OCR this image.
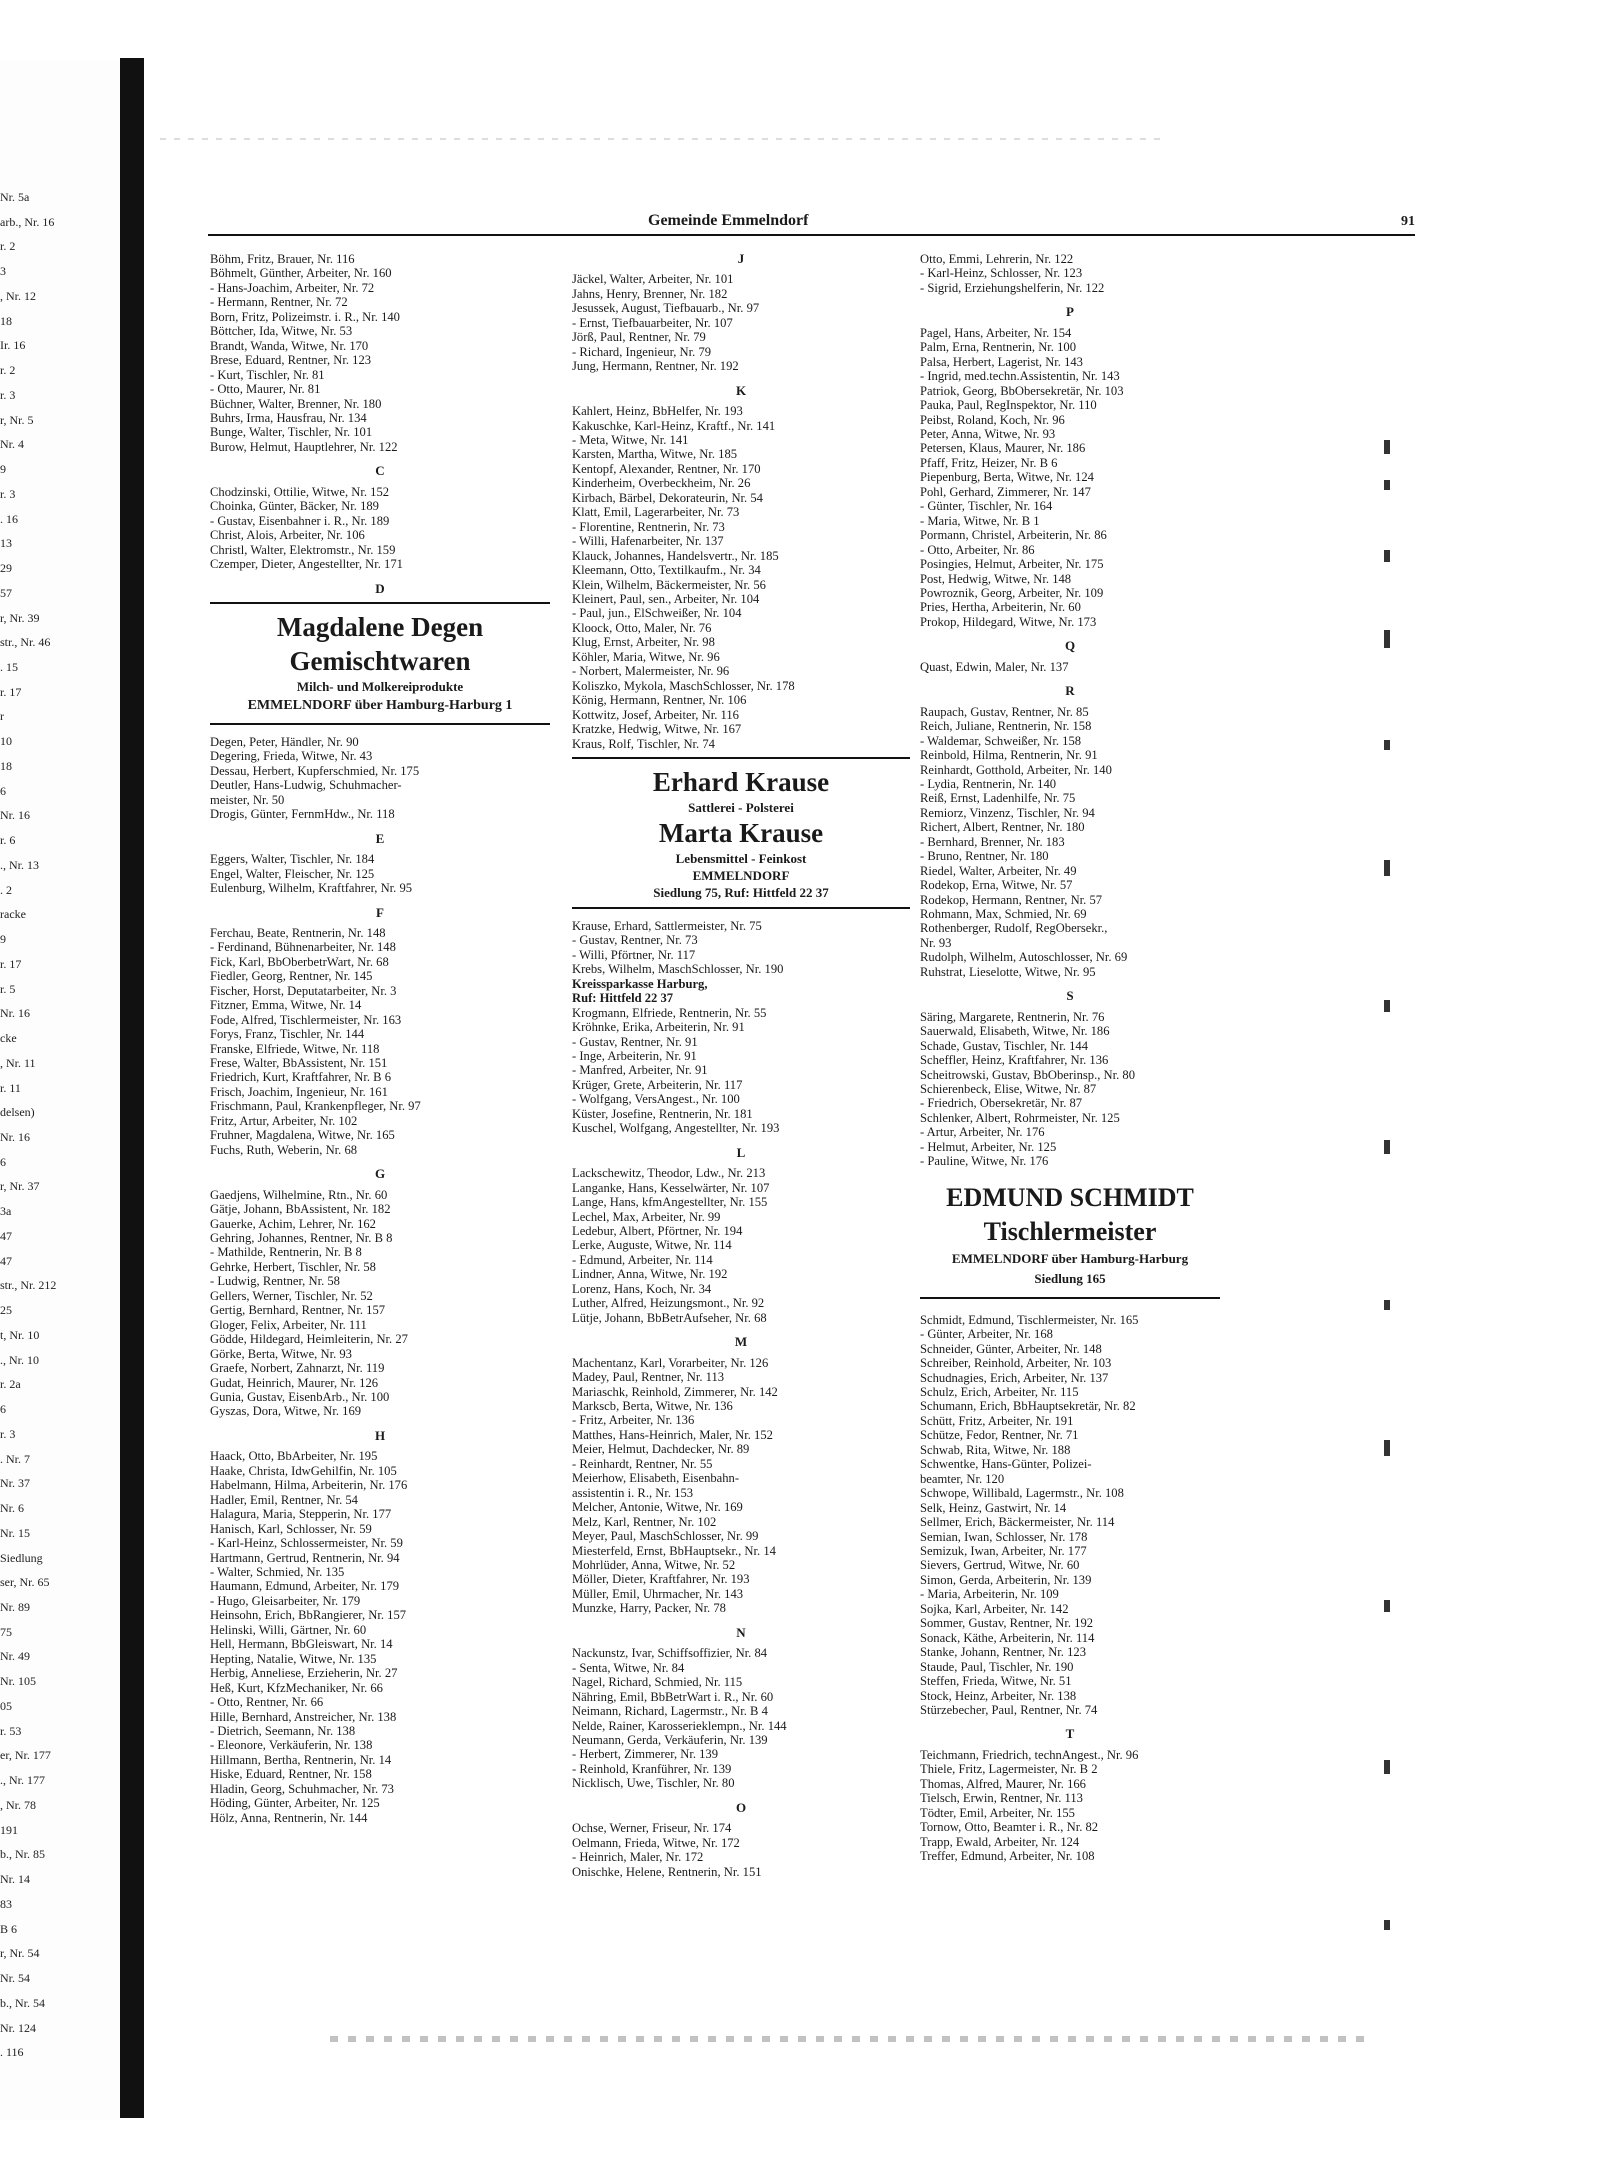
Nr. 5a
arb., Nr. 16
r. 2
3
, Nr. 12
18
Ir. 16
r. 2
r. 3
r, Nr. 5
Nr. 4
9
r. 3
. 16
13
29
57
r, Nr. 39
str., Nr. 46
. 15
r. 17
r
10
18
6
Nr. 16
r. 6
., Nr. 13
. 2
racke
9
r. 17
r. 5
Nr. 16
cke
, Nr. 11
r. 11
delsen)
Nr. 16
6
r, Nr. 37
3a
47
47
str., Nr. 212
25
t, Nr. 10
., Nr. 10
r. 2a
6
r. 3
. Nr. 7
Nr. 37
Nr. 6
Nr. 15
Siedlung
ser, Nr. 65
Nr. 89
75
Nr. 49
Nr. 105
05
r. 53
er, Nr. 177
., Nr. 177
, Nr. 78
191
b., Nr. 85
Nr. 14
83
B 6
r, Nr. 54
Nr. 54
b., Nr. 54
Nr. 124
. 116
Gemeinde Emmelndorf	91
Böhm, Fritz, Brauer, Nr. 116
Böhmelt, Günther, Arbeiter, Nr. 160
- Hans-Joachim, Arbeiter, Nr. 72
- Hermann, Rentner, Nr. 72
Born, Fritz, Polizeimstr. i. R., Nr. 140
Böttcher, Ida, Witwe, Nr. 53
Brandt, Wanda, Witwe, Nr. 170
Brese, Eduard, Rentner, Nr. 123
- Kurt, Tischler, Nr. 81
- Otto, Maurer, Nr. 81
Büchner, Walter, Brenner, Nr. 180
Buhrs, Irma, Hausfrau, Nr. 134
Bunge, Walter, Tischler, Nr. 101
Burow, Helmut, Hauptlehrer, Nr. 122
C
Chodzinski, Ottilie, Witwe, Nr. 152
Choinka, Günter, Bäcker, Nr. 189
- Gustav, Eisenbahner i. R., Nr. 189
Christ, Alois, Arbeiter, Nr. 106
Christl, Walter, Elektromstr., Nr. 159
Czemper, Dieter, Angestellter, Nr. 171
D
Magdalene Degen
Gemischtwaren
Milch- und Molkereiprodukte
EMMELNDORF über Hamburg-Harburg 1
Degen, Peter, Händler, Nr. 90
Degering, Frieda, Witwe, Nr. 43
Dessau, Herbert, Kupferschmied, Nr. 175
Deutler, Hans-Ludwig, Schuhmacher-
meister, Nr. 50
Drogis, Günter, FernmHdw., Nr. 118
E
Eggers, Walter, Tischler, Nr. 184
Engel, Walter, Fleischer, Nr. 125
Eulenburg, Wilhelm, Kraftfahrer, Nr. 95
F
Ferchau, Beate, Rentnerin, Nr. 148
- Ferdinand, Bühnenarbeiter, Nr. 148
Fick, Karl, BbOberbetrWart, Nr. 68
Fiedler, Georg, Rentner, Nr. 145
Fischer, Horst, Deputatarbeiter, Nr. 3
Fitzner, Emma, Witwe, Nr. 14
Fode, Alfred, Tischlermeister, Nr. 163
Forys, Franz, Tischler, Nr. 144
Franske, Elfriede, Witwe, Nr. 118
Frese, Walter, BbAssistent, Nr. 151
Friedrich, Kurt, Kraftfahrer, Nr. B 6
Frisch, Joachim, Ingenieur, Nr. 161
Frischmann, Paul, Krankenpfleger, Nr. 97
Fritz, Artur, Arbeiter, Nr. 102
Fruhner, Magdalena, Witwe, Nr. 165
Fuchs, Ruth, Weberin, Nr. 68
G
Gaedjens, Wilhelmine, Rtn., Nr. 60
Gätje, Johann, BbAssistent, Nr. 182
Gauerke, Achim, Lehrer, Nr. 162
Gehring, Johannes, Rentner, Nr. B 8
- Mathilde, Rentnerin, Nr. B 8
Gehrke, Herbert, Tischler, Nr. 58
- Ludwig, Rentner, Nr. 58
Gellers, Werner, Tischler, Nr. 52
Gertig, Bernhard, Rentner, Nr. 157
Gloger, Felix, Arbeiter, Nr. 111
Gödde, Hildegard, Heimleiterin, Nr. 27
Görke, Berta, Witwe, Nr. 93
Graefe, Norbert, Zahnarzt, Nr. 119
Gudat, Heinrich, Maurer, Nr. 126
Gunia, Gustav, EisenbArb., Nr. 100
Gyszas, Dora, Witwe, Nr. 169
H
Haack, Otto, BbArbeiter, Nr. 195
Haake, Christa, IdwGehilfin, Nr. 105
Habelmann, Hilma, Arbeiterin, Nr. 176
Hadler, Emil, Rentner, Nr. 54
Halagura, Maria, Stepperin, Nr. 177
Hanisch, Karl, Schlosser, Nr. 59
- Karl-Heinz, Schlossermeister, Nr. 59
Hartmann, Gertrud, Rentnerin, Nr. 94
- Walter, Schmied, Nr. 135
Haumann, Edmund, Arbeiter, Nr. 179
- Hugo, Gleisarbeiter, Nr. 179
Heinsohn, Erich, BbRangierer, Nr. 157
Helinski, Willi, Gärtner, Nr. 60
Hell, Hermann, BbGleiswart, Nr. 14
Hepting, Natalie, Witwe, Nr. 135
Herbig, Anneliese, Erzieherin, Nr. 27
Heß, Kurt, KfzMechaniker, Nr. 66
- Otto, Rentner, Nr. 66
Hille, Bernhard, Anstreicher, Nr. 138
- Dietrich, Seemann, Nr. 138
- Eleonore, Verkäuferin, Nr. 138
Hillmann, Bertha, Rentnerin, Nr. 14
Hiske, Eduard, Rentner, Nr. 158
Hladin, Georg, Schuhmacher, Nr. 73
Höding, Günter, Arbeiter, Nr. 125
Hölz, Anna, Rentnerin, Nr. 144
J
Jäckel, Walter, Arbeiter, Nr. 101
Jahns, Henry, Brenner, Nr. 182
Jesussek, August, Tiefbauarb., Nr. 97
- Ernst, Tiefbauarbeiter, Nr. 107
Jörß, Paul, Rentner, Nr. 79
- Richard, Ingenieur, Nr. 79
Jung, Hermann, Rentner, Nr. 192
K
Kahlert, Heinz, BbHelfer, Nr. 193
Kakuschke, Karl-Heinz, Kraftf., Nr. 141
- Meta, Witwe, Nr. 141
Karsten, Martha, Witwe, Nr. 185
Kentopf, Alexander, Rentner, Nr. 170
Kinderheim, Overbeckheim, Nr. 26
Kirbach, Bärbel, Dekorateurin, Nr. 54
Klatt, Emil, Lagerarbeiter, Nr. 73
- Florentine, Rentnerin, Nr. 73
- Willi, Hafenarbeiter, Nr. 137
Klauck, Johannes, Handelsvertr., Nr. 185
Kleemann, Otto, Textilkaufm., Nr. 34
Klein, Wilhelm, Bäckermeister, Nr. 56
Kleinert, Paul, sen., Arbeiter, Nr. 104
- Paul, jun., ElSchweißer, Nr. 104
Kloock, Otto, Maler, Nr. 76
Klug, Ernst, Arbeiter, Nr. 98
Köhler, Maria, Witwe, Nr. 96
- Norbert, Malermeister, Nr. 96
Koliszko, Mykola, MaschSchlosser, Nr. 178
König, Hermann, Rentner, Nr. 106
Kottwitz, Josef, Arbeiter, Nr. 116
Kratzke, Hedwig, Witwe, Nr. 167
Kraus, Rolf, Tischler, Nr. 74
Erhard Krause
Sattlerei - Polsterei
Marta Krause
Lebensmittel - Feinkost
EMMELNDORF
Siedlung 75, Ruf: Hittfeld 22 37
Krause, Erhard, Sattlermeister, Nr. 75
- Gustav, Rentner, Nr. 73
- Willi, Pförtner, Nr. 117
Krebs, Wilhelm, MaschSchlosser, Nr. 190
Kreissparkasse Harburg,
Ruf: Hittfeld 22 37
Krogmann, Elfriede, Rentnerin, Nr. 55
Kröhnke, Erika, Arbeiterin, Nr. 91
- Gustav, Rentner, Nr. 91
- Inge, Arbeiterin, Nr. 91
- Manfred, Arbeiter, Nr. 91
Krüger, Grete, Arbeiterin, Nr. 117
- Wolfgang, VersAngest., Nr. 100
Küster, Josefine, Rentnerin, Nr. 181
Kuschel, Wolfgang, Angestellter, Nr. 193
L
Lackschewitz, Theodor, Ldw., Nr. 213
Langanke, Hans, Kesselwärter, Nr. 107
Lange, Hans, kfmAngestellter, Nr. 155
Lechel, Max, Arbeiter, Nr. 99
Ledebur, Albert, Pförtner, Nr. 194
Lerke, Auguste, Witwe, Nr. 114
- Edmund, Arbeiter, Nr. 114
Lindner, Anna, Witwe, Nr. 192
Lorenz, Hans, Koch, Nr. 34
Luther, Alfred, Heizungsmont., Nr. 92
Lütje, Johann, BbBetrAufseher, Nr. 68
M
Machentanz, Karl, Vorarbeiter, Nr. 126
Madey, Paul, Rentner, Nr. 113
Mariaschk, Reinhold, Zimmerer, Nr. 142
Markscb, Berta, Witwe, Nr. 136
- Fritz, Arbeiter, Nr. 136
Matthes, Hans-Heinrich, Maler, Nr. 152
Meier, Helmut, Dachdecker, Nr. 89
- Reinhardt, Rentner, Nr. 55
Meierhow, Elisabeth, Eisenbahn-
assistentin i. R., Nr. 153
Melcher, Antonie, Witwe, Nr. 169
Melz, Karl, Rentner, Nr. 102
Meyer, Paul, MaschSchlosser, Nr. 99
Miesterfeld, Ernst, BbHauptsekr., Nr. 14
Mohrlüder, Anna, Witwe, Nr. 52
Möller, Dieter, Kraftfahrer, Nr. 193
Müller, Emil, Uhrmacher, Nr. 143
Munzke, Harry, Packer, Nr. 78
N
Nackunstz, Ivar, Schiffsoffizier, Nr. 84
- Senta, Witwe, Nr. 84
Nagel, Richard, Schmied, Nr. 115
Nähring, Emil, BbBetrWart i. R., Nr. 60
Neimann, Richard, Lagermstr., Nr. B 4
Nelde, Rainer, Karosserieklempn., Nr. 144
Neumann, Gerda, Verkäuferin, Nr. 139
- Herbert, Zimmerer, Nr. 139
- Reinhold, Kranführer, Nr. 139
Nicklisch, Uwe, Tischler, Nr. 80
O
Ochse, Werner, Friseur, Nr. 174
Oelmann, Frieda, Witwe, Nr. 172
- Heinrich, Maler, Nr. 172
Onischke, Helene, Rentnerin, Nr. 151
Otto, Emmi, Lehrerin, Nr. 122
- Karl-Heinz, Schlosser, Nr. 123
- Sigrid, Erziehungshelferin, Nr. 122
P
Pagel, Hans, Arbeiter, Nr. 154
Palm, Erna, Rentnerin, Nr. 100
Palsa, Herbert, Lagerist, Nr. 143
- Ingrid, med.techn.Assistentin, Nr. 143
Patriok, Georg, BbObersekretär, Nr. 103
Pauka, Paul, RegInspektor, Nr. 110
Peibst, Roland, Koch, Nr. 96
Peter, Anna, Witwe, Nr. 93
Petersen, Klaus, Maurer, Nr. 186
Pfaff, Fritz, Heizer, Nr. B 6
Piepenburg, Berta, Witwe, Nr. 124
Pohl, Gerhard, Zimmerer, Nr. 147
- Günter, Tischler, Nr. 164
- Maria, Witwe, Nr. B 1
Pormann, Christel, Arbeiterin, Nr. 86
- Otto, Arbeiter, Nr. 86
Posingies, Helmut, Arbeiter, Nr. 175
Post, Hedwig, Witwe, Nr. 148
Powroznik, Georg, Arbeiter, Nr. 109
Pries, Hertha, Arbeiterin, Nr. 60
Prokop, Hildegard, Witwe, Nr. 173
Q
Quast, Edwin, Maler, Nr. 137
R
Raupach, Gustav, Rentner, Nr. 85
Reich, Juliane, Rentnerin, Nr. 158
- Waldemar, Schweißer, Nr. 158
Reinbold, Hilma, Rentnerin, Nr. 91
Reinhardt, Gotthold, Arbeiter, Nr. 140
- Lydia, Rentnerin, Nr. 140
Reiß, Ernst, Ladenhilfe, Nr. 75
Remiorz, Vinzenz, Tischler, Nr. 94
Richert, Albert, Rentner, Nr. 180
- Bernhard, Brenner, Nr. 183
- Bruno, Rentner, Nr. 180
Riedel, Walter, Arbeiter, Nr. 49
Rodekop, Erna, Witwe, Nr. 57
Rodekop, Hermann, Rentner, Nr. 57
Rohmann, Max, Schmied, Nr. 69
Rothenberger, Rudolf, RegObersekr.,
Nr. 93
Rudolph, Wilhelm, Autoschlosser, Nr. 69
Ruhstrat, Lieselotte, Witwe, Nr. 95
S
Säring, Margarete, Rentnerin, Nr. 76
Sauerwald, Elisabeth, Witwe, Nr. 186
Schade, Gustav, Tischler, Nr. 144
Scheffler, Heinz, Kraftfahrer, Nr. 136
Scheitrowski, Gustav, BbOberinsp., Nr. 80
Schierenbeck, Elise, Witwe, Nr. 87
- Friedrich, Obersekretär, Nr. 87
Schlenker, Albert, Rohrmeister, Nr. 125
- Artur, Arbeiter, Nr. 176
- Helmut, Arbeiter, Nr. 125
- Pauline, Witwe, Nr. 176
EDMUND SCHMIDT
Tischlermeister
EMMELNDORF über Hamburg-Harburg
Siedlung 165
Schmidt, Edmund, Tischlermeister, Nr. 165
- Günter, Arbeiter, Nr. 168
Schneider, Günter, Arbeiter, Nr. 148
Schreiber, Reinhold, Arbeiter, Nr. 103
Schudnagies, Erich, Arbeiter, Nr. 137
Schulz, Erich, Arbeiter, Nr. 115
Schumann, Erich, BbHauptsekretär, Nr. 82
Schütt, Fritz, Arbeiter, Nr. 191
Schütze, Fedor, Rentner, Nr. 71
Schwab, Rita, Witwe, Nr. 188
Schwentke, Hans-Günter, Polizei-
beamter, Nr. 120
Schwope, Willibald, Lagermstr., Nr. 108
Selk, Heinz, Gastwirt, Nr. 14
Sellmer, Erich, Bäckermeister, Nr. 114
Semian, Iwan, Schlosser, Nr. 178
Semizuk, Iwan, Arbeiter, Nr. 177
Sievers, Gertrud, Witwe, Nr. 60
Simon, Gerda, Arbeiterin, Nr. 139
- Maria, Arbeiterin, Nr. 109
Sojka, Karl, Arbeiter, Nr. 142
Sommer, Gustav, Rentner, Nr. 192
Sonack, Käthe, Arbeiterin, Nr. 114
Stanke, Johann, Rentner, Nr. 123
Staude, Paul, Tischler, Nr. 190
Steffen, Frieda, Witwe, Nr. 51
Stock, Heinz, Arbeiter, Nr. 138
Stürzebecher, Paul, Rentner, Nr. 74
T
Teichmann, Friedrich, technAngest., Nr. 96
Thiele, Fritz, Lagermeister, Nr. B 2
Thomas, Alfred, Maurer, Nr. 166
Tielsch, Erwin, Rentner, Nr. 113
Tödter, Emil, Arbeiter, Nr. 155
Tornow, Otto, Beamter i. R., Nr. 82
Trapp, Ewald, Arbeiter, Nr. 124
Treffer, Edmund, Arbeiter, Nr. 108
